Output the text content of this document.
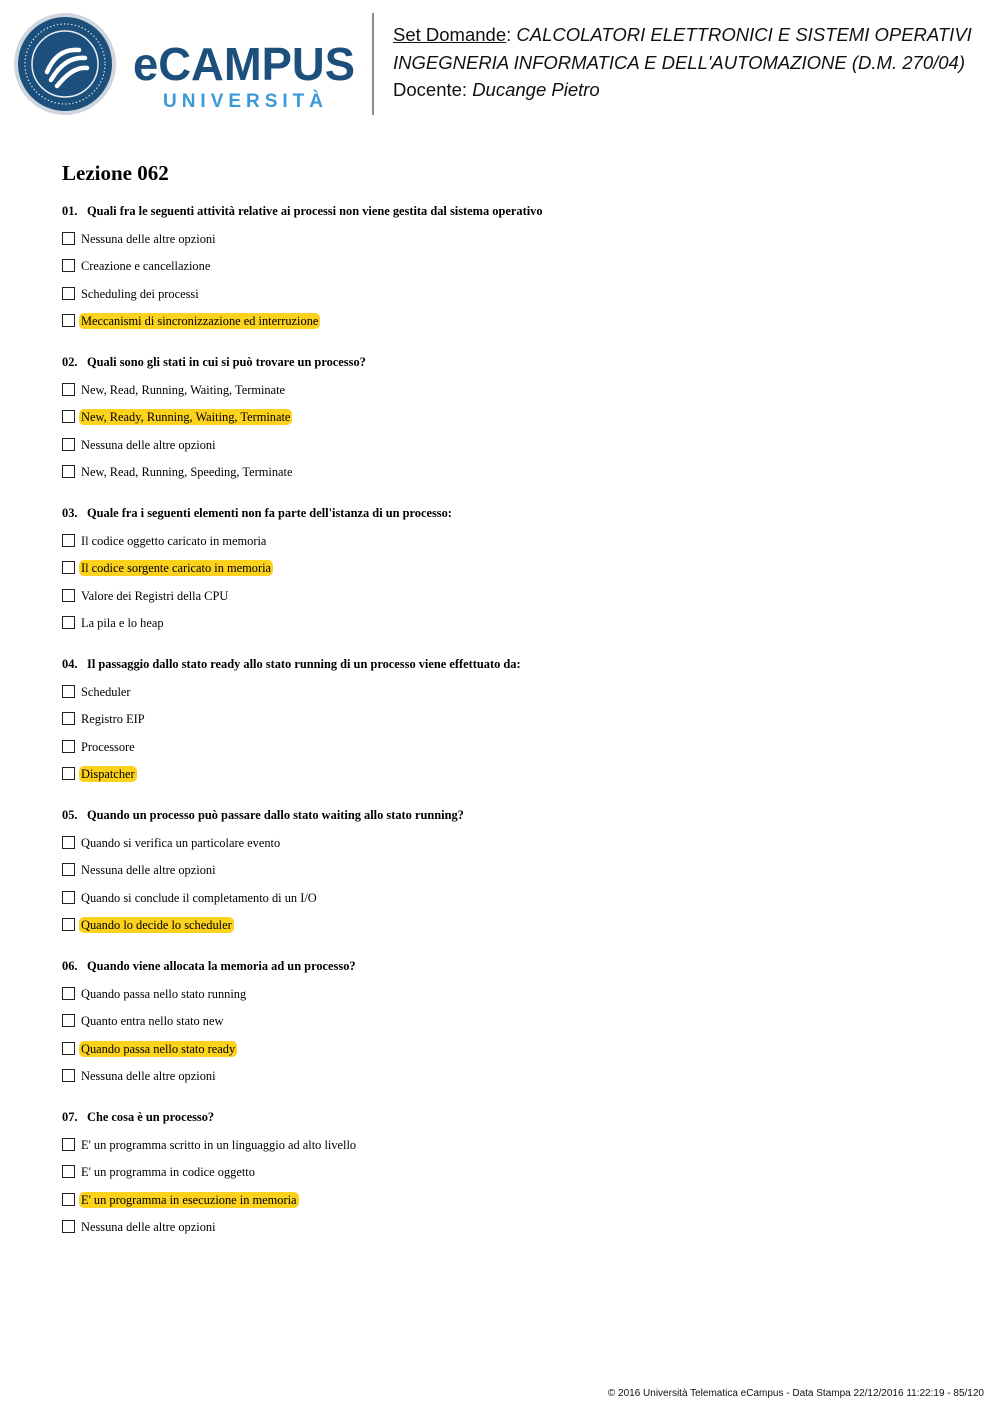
eCAMPUS
UNIVERSITÀ
Set Domande: CALCOLATORI ELETTRONICI E SISTEMI OPERATIVI
INGEGNERIA INFORMATICA E DELL'AUTOMAZIONE (D.M. 270/04)
Docente: Ducange Pietro
Lezione 062
01. Quali fra le seguenti attività relative ai processi non viene gestita dal sistema operativo
Nessuna delle altre opzioni
Creazione e cancellazione
Scheduling dei processi
Meccanismi di sincronizzazione ed interruzione
02. Quali sono gli stati in cui si può trovare un processo?
New, Read, Running, Waiting, Terminate
New, Ready, Running, Waiting, Terminate
Nessuna delle altre opzioni
New, Read, Running, Speeding, Terminate
03. Quale fra i seguenti elementi non fa parte dell'istanza di un processo:
Il codice oggetto caricato in memoria
Il codice sorgente caricato in memoria
Valore dei Registri della CPU
La pila e lo heap
04. Il passaggio dallo stato ready allo stato running di un processo viene effettuato da:
Scheduler
Registro EIP
Processore
Dispatcher
05. Quando un processo può passare dallo stato waiting allo stato running?
Quando si verifica un particolare evento
Nessuna delle altre opzioni
Quando si conclude il completamento di un I/O
Quando lo decide lo scheduler
06. Quando viene allocata la memoria ad un processo?
Quando passa nello stato running
Quanto entra nello stato new
Quando passa nello stato ready
Nessuna delle altre opzioni
07. Che cosa è un processo?
E' un programma scritto in un linguaggio ad alto livello
E' un programma in codice oggetto
E' un programma in esecuzione in memoria
Nessuna delle altre opzioni
© 2016 Università Telematica eCampus - Data Stampa 22/12/2016 11:22:19 - 85/120
